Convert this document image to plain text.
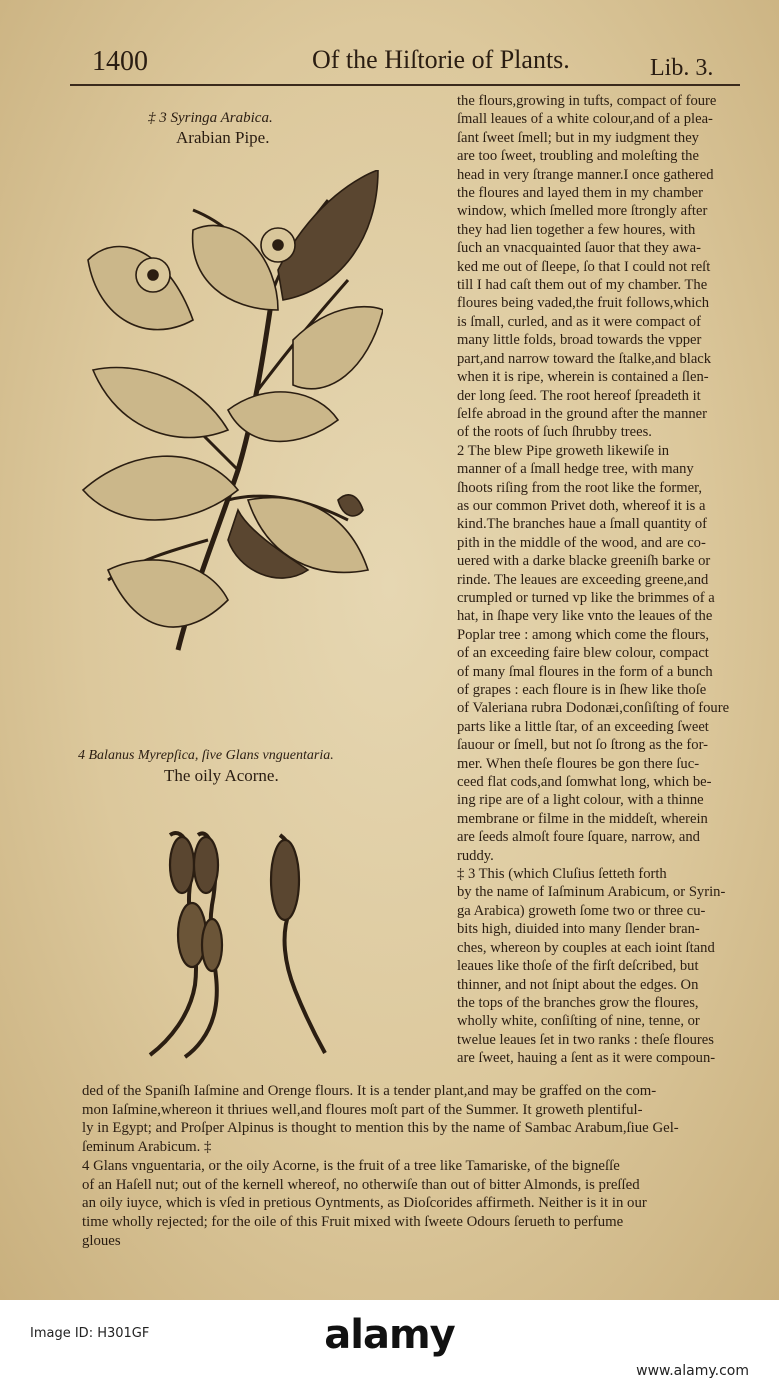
1400	Of the Hiſtorie of Plants.	Lib. 3.
‡ 3 Syringa Arabica.
Arabian Pipe.
4 Balanus Myrepſica, ſive Glans vnguentaria.
The oily Acorne.
the flours,growing in tufts, compact of foure
ſmall leaues of a white colour,and of a plea-
ſant ſweet ſmell; but in my iudgment they
are too ſweet, troubling and moleſting the
head in very ſtrange manner.I once gathered
the floures and layed them in my chamber
window, which ſmelled more ſtrongly after
they had lien together a few houres, with
ſuch an vnacquainted ſauor that they awa-
ked me out of ſleepe, ſo that I could not reſt
till I had caſt them out of my chamber. The
floures being vaded,the fruit follows,which
is ſmall, curled, and as it were compact of
many little folds, broad towards the vpper
part,and narrow toward the ſtalke,and black
when it is ripe, wherein is contained a ſlen-
der long ſeed. The root hereof ſpreadeth it
ſelfe abroad in the ground after the manner
of the roots of ſuch ſhrubby trees.
2 The blew Pipe groweth likewiſe in
manner of a ſmall hedge tree, with many
ſhoots riſing from the root like the former,
as our common Privet doth, whereof it is a
kind.The branches haue a ſmall quantity of
pith in the middle of the wood, and are co-
uered with a darke blacke greeniſh barke or
rinde. The leaues are exceeding greene,and
crumpled or turned vp like the brimmes of a
hat, in ſhape very like vnto the leaues of the
Poplar tree : among which come the flours,
of an exceeding faire blew colour, compact
of many ſmal floures in the form of a bunch
of grapes : each floure is in ſhew like thoſe
of Valeriana rubra Dodonæi,conſiſting of foure
parts like a little ſtar, of an exceeding ſweet
ſauour or ſmell, but not ſo ſtrong as the for-
mer. When theſe floures be gon there ſuc-
ceed flat cods,and ſomwhat long, which be-
ing ripe are of a light colour, with a thinne
membrane or filme in the middeſt, wherein
are ſeeds almoſt foure ſquare, narrow, and
ruddy.
‡ 3 This (which Cluſius ſetteth forth
by the name of Iaſminum Arabicum, or Syrin-
ga Arabica) groweth ſome two or three cu-
bits high, diuided into many ſlender bran-
ches, whereon by couples at each ioint ſtand
leaues like thoſe of the firſt deſcribed, but
thinner, and not ſnipt about the edges. On
the tops of the branches grow the floures,
wholly white, conſiſting of nine, tenne, or
twelue leaues ſet in two ranks : theſe floures
are ſweet, hauing a ſent as it were compoun-
ded of the Spaniſh Iaſmine and Orenge flours. It is a tender plant,and may be graffed on the com-
mon Iaſmine,whereon it thriues well,and floures moſt part of the Summer. It groweth plentiful-
ly in Egypt; and Proſper Alpinus is thought to mention this by the name of Sambac Arabum,ſiue Gel-
ſeminum Arabicum. ‡
4 Glans vnguentaria, or the oily Acorne, is the fruit of a tree like Tamariske, of the bigneſſe
of an Haſell nut; out of the kernell whereof, no otherwiſe than out of bitter Almonds, is preſſed
an oily iuyce, which is vſed in pretious Oyntments, as Dioſcorides affirmeth. Neither is it in our
time wholly rejected; for the oile of this Fruit mixed with ſweete Odours ſerueth to perfume
gloues
alamy
Image ID: H301GF
www.alamy.com
